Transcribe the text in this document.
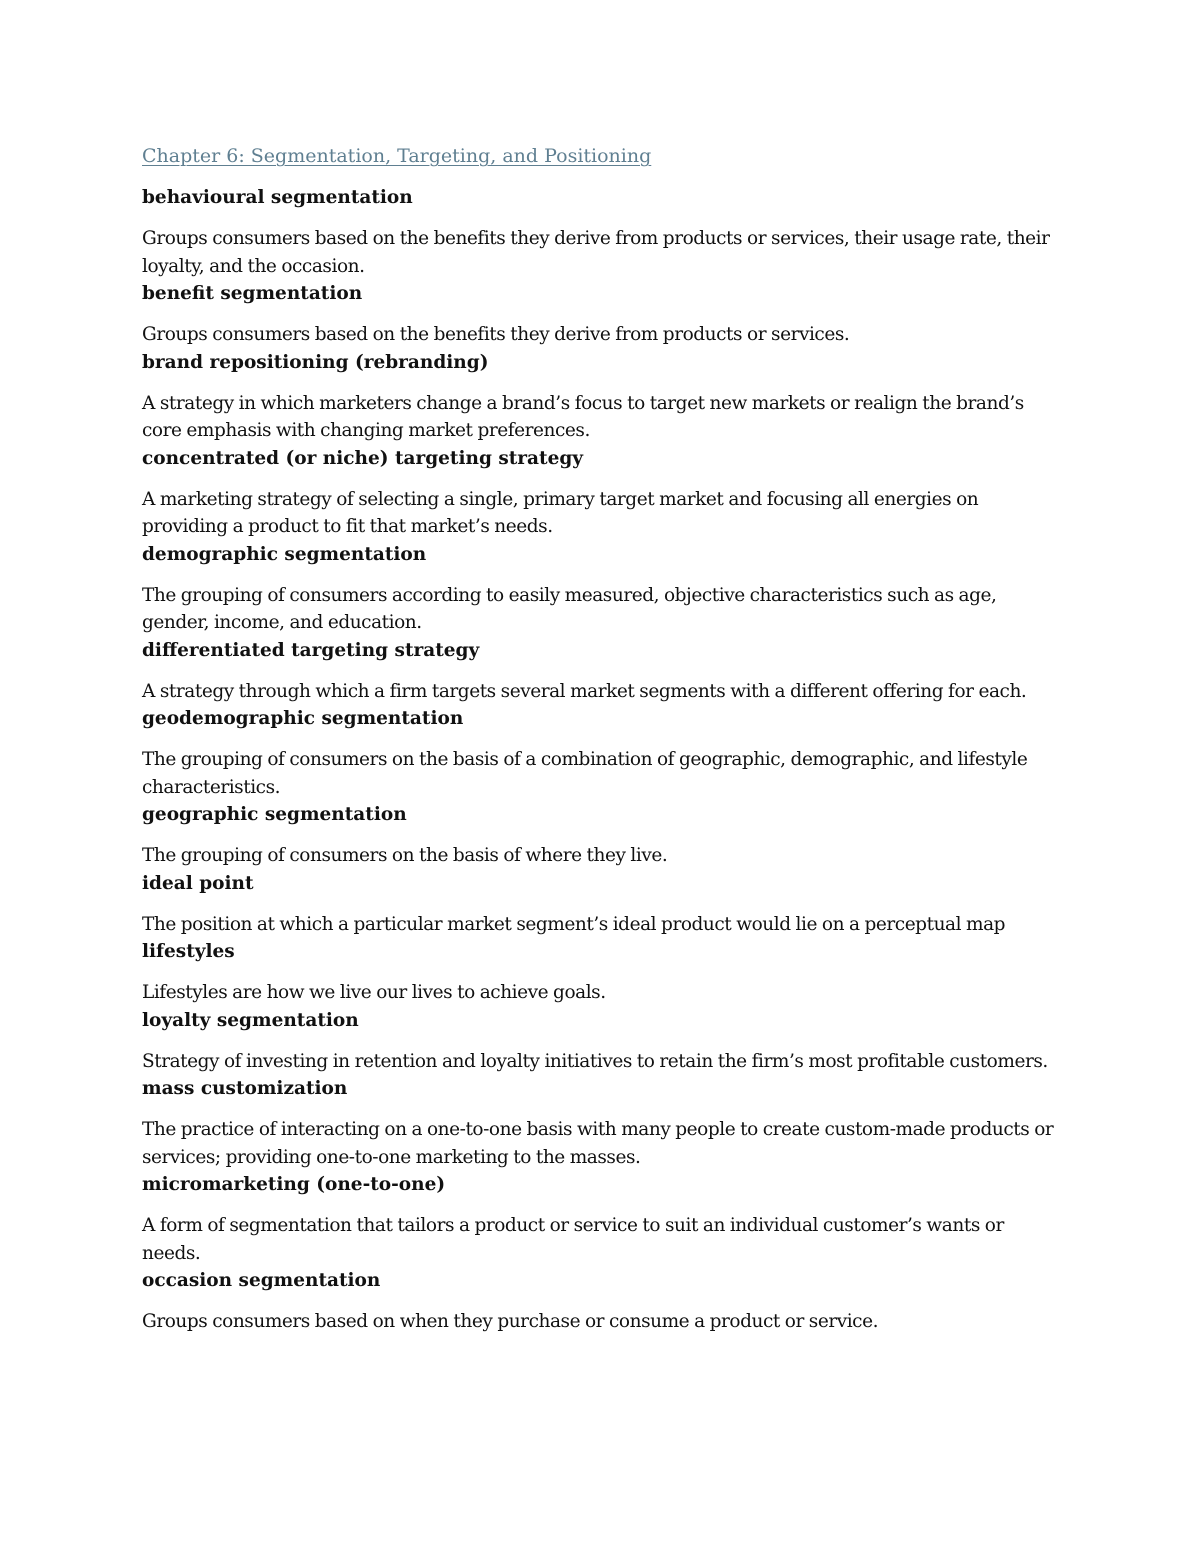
Chapter 6: Segmentation, Targeting, and Positioning
behavioural segmentation
Groups consumers based on the benefits they derive from products or services, their usage rate, their loyalty, and the occasion.
benefit segmentation
Groups consumers based on the benefits they derive from products or services.
brand repositioning (rebranding)
A strategy in which marketers change a brand’s focus to target new markets or realign the brand’s core emphasis with changing market preferences.
concentrated (or niche) targeting strategy
A marketing strategy of selecting a single, primary target market and focusing all energies on providing a product to fit that market’s needs.
demographic segmentation
The grouping of consumers according to easily measured, objective characteristics such as age, gender, income, and education.
differentiated targeting strategy
A strategy through which a firm targets several market segments with a different offering for each.
geodemographic segmentation
The grouping of consumers on the basis of a combination of geographic, demographic, and lifestyle characteristics.
geographic segmentation
The grouping of consumers on the basis of where they live.
ideal point
The position at which a particular market segment’s ideal product would lie on a perceptual map
lifestyles
Lifestyles are how we live our lives to achieve goals.
loyalty segmentation
Strategy of investing in retention and loyalty initiatives to retain the firm’s most profitable customers.
mass customization
The practice of interacting on a one-to-one basis with many people to create custom-made products or services; providing one-to-one marketing to the masses.
micromarketing (one-to-one)
A form of segmentation that tailors a product or service to suit an individual customer’s wants or needs.
occasion segmentation
Groups consumers based on when they purchase or consume a product or service.
